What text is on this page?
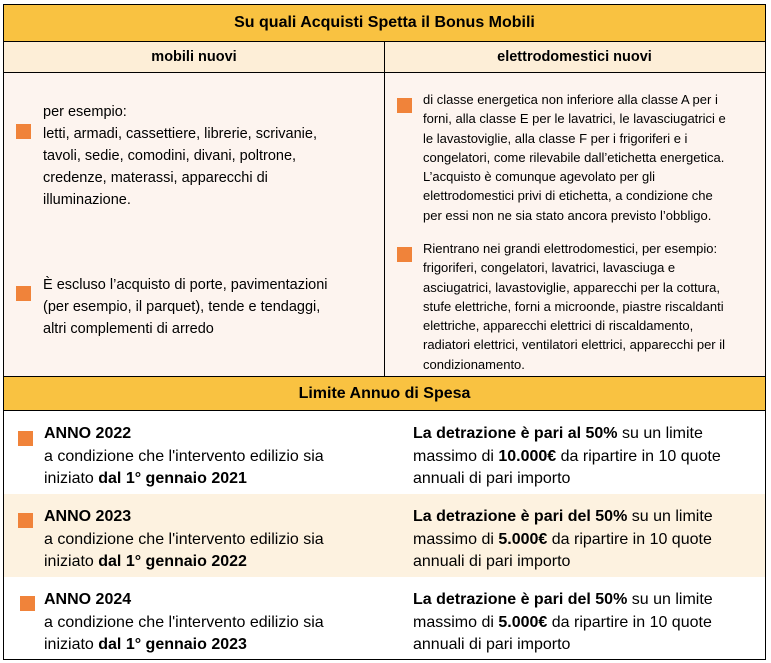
Su quali Acquisti Spetta il Bonus Mobili
mobili nuovi	elettrodomestici nuovi
per esempio:
letti, armadi, cassettiere, librerie, scrivanie,
tavoli, sedie, comodini, divani, poltrone,
credenze, materassi, apparecchi di
illuminazione.
È escluso l’acquisto di porte, pavimentazioni
(per esempio, il parquet), tende e tendaggi,
altri complementi di arredo
di classe energetica non inferiore alla classe A per i
forni, alla classe E per le lavatrici, le lavasciugatrici e
le lavastoviglie, alla classe F per i frigoriferi e i
congelatori, come rilevabile dall’etichetta energetica.
L’acquisto è comunque agevolato per gli
elettrodomestici privi di etichetta, a condizione che
per essi non ne sia stato ancora previsto l’obbligo.
Rientrano nei grandi elettrodomestici, per esempio:
frigoriferi, congelatori, lavatrici, lavasciuga e
asciugatrici, lavastoviglie, apparecchi per la cottura,
stufe elettriche, forni a microonde, piastre riscaldanti
elettriche, apparecchi elettrici di riscaldamento,
radiatori elettrici, ventilatori elettrici, apparecchi per il
condizionamento.
Limite Annuo di Spesa
ANNO 2022
a condizione che l'intervento edilizio sia
iniziato dal 1° gennaio 2021
La detrazione è pari al 50% su un limite
massimo di 10.000€ da ripartire in 10 quote
annuali di pari importo
ANNO 2023
a condizione che l'intervento edilizio sia
iniziato dal 1° gennaio 2022
La detrazione è pari del 50% su un limite
massimo di 5.000€ da ripartire in 10 quote
annuali di pari importo
ANNO 2024
a condizione che l'intervento edilizio sia
iniziato dal 1° gennaio 2023
La detrazione è pari del 50% su un limite
massimo di 5.000€ da ripartire in 10 quote
annuali di pari importo
